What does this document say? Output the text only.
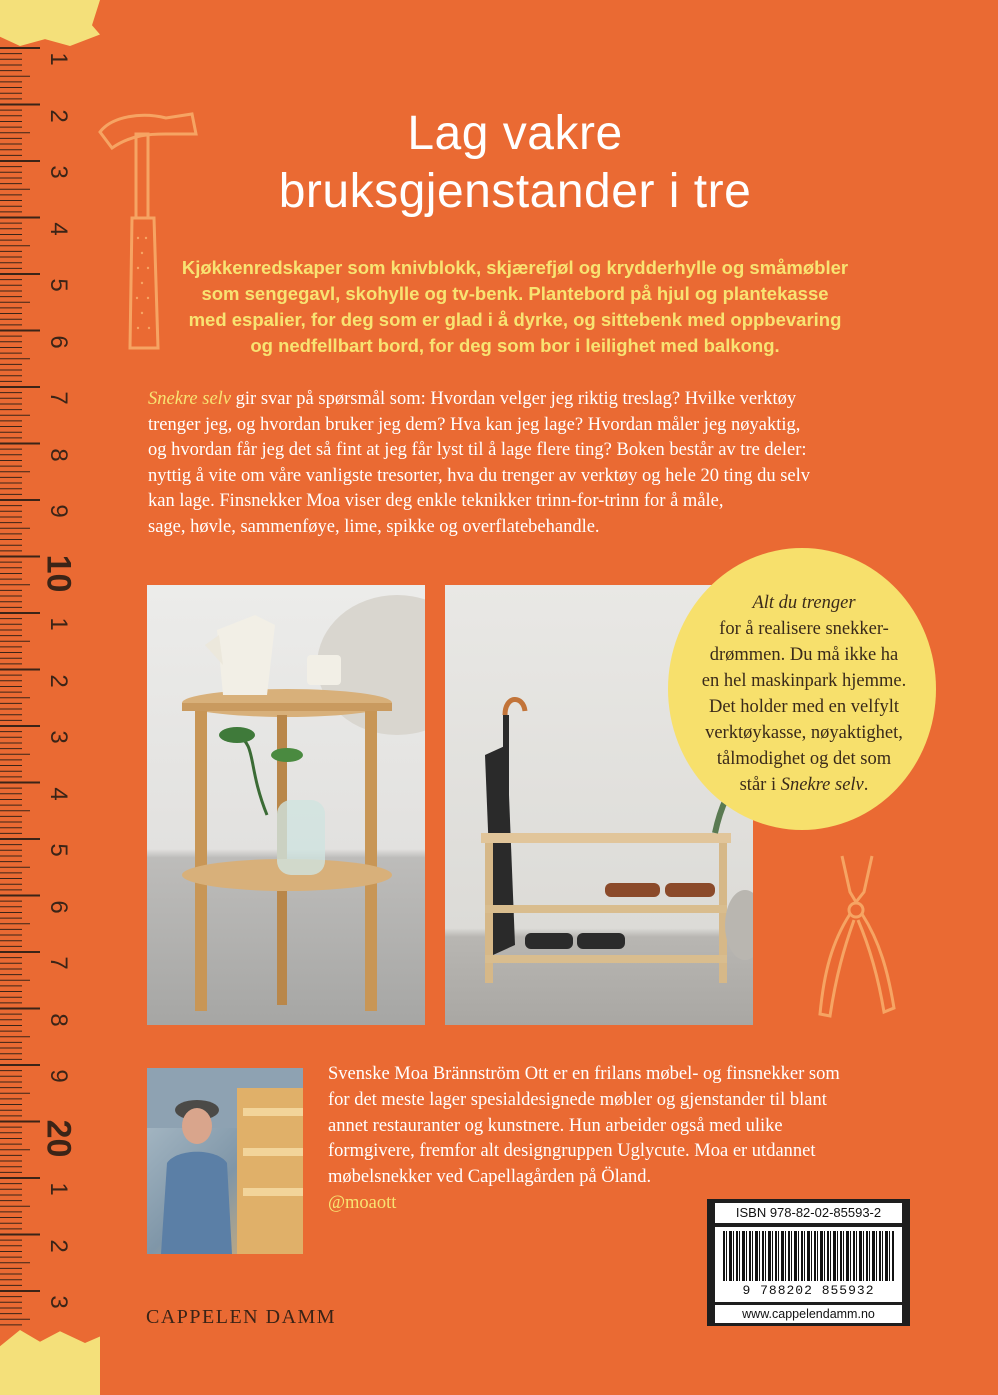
Lag vakre
bruksgjenstander i tre
Kjøkkenredskaper som knivblokk, skjærefjøl og krydderhylle og småmøbler
som sengegavl, skohylle og tv-benk. Plantebord på hjul og plantekasse
med espalier, for deg som er glad i å dyrke, og sittebenk med oppbevaring
og nedfellbart bord, for deg som bor i leilighet med balkong.
Snekre selv gir svar på spørsmål som: Hvordan velger jeg riktig treslag? Hvilke verktøy
trenger jeg, og hvordan bruker jeg dem? Hva kan jeg lage? Hvordan måler jeg nøyaktig,
og hvordan får jeg det så fint at jeg får lyst til å lage flere ting? Boken består av tre deler:
nyttig å vite om våre vanligste tresorter, hva du trenger av verktøy og hele 20 ting du selv
kan lage. Finsnekker Moa viser deg enkle teknikker trinn-for-trinn for å måle,
sage, høvle, sammenføye, lime, spikke og overflatebehandle.
Alt du trenger
for å realisere snekker-
drømmen. Du må ikke ha
en hel maskinpark hjemme.
Det holder med en velfylt
verktøykasse, nøyaktighet,
tålmodighet og det som
står i Snekre selv.
Svenske Moa Brännström Ott er en frilans møbel- og finsnekker som
for det meste lager spesialdesignede møbler og gjenstander til blant
annet restauranter og kunstnere. Hun arbeider også med ulike
formgivere, fremfor alt designgruppen Uglycute. Moa er utdannet
møbelsnekker ved Capellagården på Öland.
@moaott
CAPPELEN DAMM
ISBN 978-82-02-85593-2
9 788202 855932
www.cappelendamm.no
1
2
3
4
5
6
7
8
9
10
1
2
3
4
5
6
7
8
9
20
1
2
3
